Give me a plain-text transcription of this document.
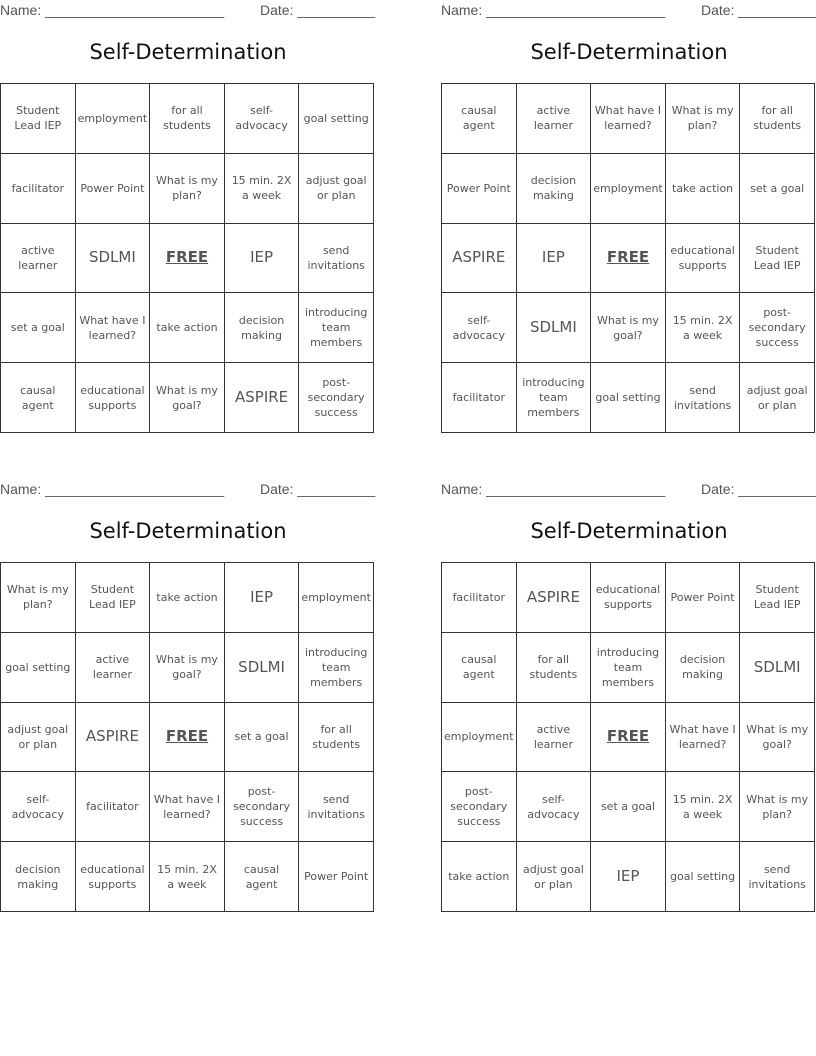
Name: _______________________	Date: __________
Self-Determination
Student Lead IEP	employment	for all students	self-advocacy	goal setting
facilitator	Power Point	What is my plan?	15 min. 2X a week	adjust goal or plan
active learner	SDLMI	FREE	IEP	send invitations
set a goal	What have I learned?	take action	decision making	introducing team members
causal agent	educational supports	What is my goal?	ASPIRE	post-secondary success
Name: _______________________	Date: __________
Self-Determination
causal agent	active learner	What have I learned?	What is my plan?	for all students
Power Point	decision making	employment	take action	set a goal
ASPIRE	IEP	FREE	educational supports	Student Lead IEP
self-advocacy	SDLMI	What is my goal?	15 min. 2X a week	post-secondary success
facilitator	introducing team members	goal setting	send invitations	adjust goal or plan
Name: _______________________	Date: __________
Self-Determination
What is my plan?	Student Lead IEP	take action	IEP	employment
goal setting	active learner	What is my goal?	SDLMI	introducing team members
adjust goal or plan	ASPIRE	FREE	set a goal	for all students
self-advocacy	facilitator	What have I learned?	post-secondary success	send invitations
decision making	educational supports	15 min. 2X a week	causal agent	Power Point
Name: _______________________	Date: __________
Self-Determination
facilitator	ASPIRE	educational supports	Power Point	Student Lead IEP
causal agent	for all students	introducing team members	decision making	SDLMI
employment	active learner	FREE	What have I learned?	What is my goal?
post-secondary success	self-advocacy	set a goal	15 min. 2X a week	What is my plan?
take action	adjust goal or plan	IEP	goal setting	send invitations
